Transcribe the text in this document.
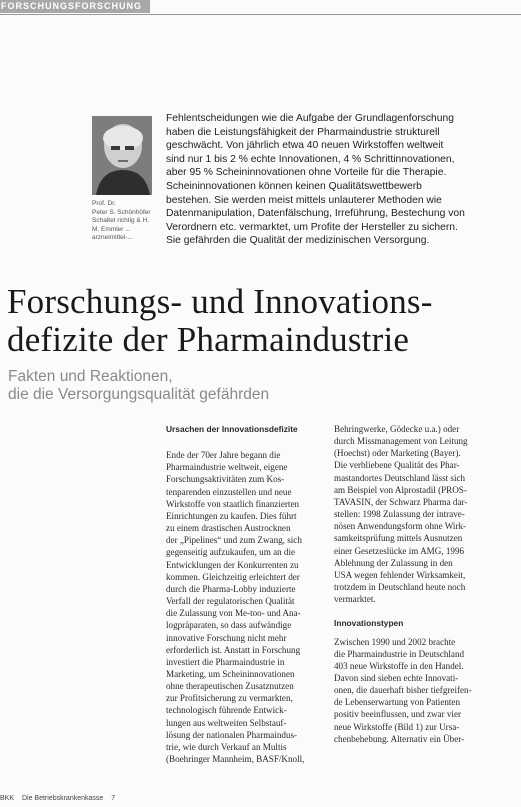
FORSCHUNGSFORSCHUNG
Prof. Dr.
Peter S. Schönhöfer
Schaltet richtig & H.
M. Emmler ...
arzneimittel-...
Fehlentscheidungen wie die Aufgabe der Grundlagenforschung
haben die Leistungsfähigkeit der Pharmaindustrie strukturell
geschwächt. Von jährlich etwa 40 neuen Wirkstoffen weltweit
sind nur 1 bis 2 % echte Innovationen, 4 % Schrittinnovationen,
aber 95 % Scheininnovationen ohne Vorteile für die Therapie.
Scheininnovationen können keinen Qualitätswettbewerb
bestehen. Sie werden meist mittels unlauterer Methoden wie
Datenmanipulation, Datenfälschung, Irreführung, Bestechung von
Verordnern etc. vermarktet, um Profite der Hersteller zu sichern.
Sie gefährden die Qualität der medizinischen Versorgung.
Forschungs- und Innovations-
defizite der Pharmaindustrie
Fakten und Reaktionen,
die die Versorgungsqualität gefährden
Ursachen der Innovationsdefizite
Ende der 70er Jahre begann die
Pharmaindustrie weltweit, eigene
Forschungsaktivitäten zum Kos-
tenparenden einzustellen und neue
Wirkstoffe von staatlich finanzierten
Einrichtungen zu kaufen. Dies führt
zu einem drastischen Austrocknen
der „Pipelines“ und zum Zwang, sich
gegenseitig aufzukaufen, um an die
Entwicklungen der Konkurrenten zu
kommen. Gleichzeitig erleichtert der
durch die Pharma-Lobby induzierte
Verfall der regulatorischen Qualität
die Zulassung von Me-too- und Ana-
logpräparaten, so dass aufwändige
innovative Forschung nicht mehr
erforderlich ist. Anstatt in Forschung
investiert die Pharmaindustrie in
Marketing, um Scheininnovationen
ohne therapeutischen Zusatznutzen
zur Profitsicherung zu vermarkten,
technologisch führende Entwick-
lungen aus weltweiten Selbstauf-
lösung der nationalen Pharmaindus-
trie, wie durch Verkauf an Multis
(Boehringer Mannheim, BASF/Knoll,
Behringwerke, Gödecke u.a.) oder
durch Missmanagement von Leitung
(Hoechst) oder Marketing (Bayer).
Die verbliebene Qualität des Phar-
mastandortes Deutschland lässt sich
am Beispiel von Alprostadil (PROS-
TAVASIN, der Schwarz Pharma dar-
stellen: 1998 Zulassung der intrave-
nösen Anwendungsform ohne Wirk-
samkeitsprüfung mittels Ausnutzen
einer Gesetzeslücke im AMG, 1996
Ablehnung der Zulassung in den
USA wegen fehlender Wirksamkeit,
trotzdem in Deutschland heute noch
vermarktet.
Innovationstypen
Zwischen 1990 und 2002 brachte
die Pharmaindustrie in Deutschland
403 neue Wirkstoffe in den Handel.
Davon sind sieben echte Innovati-
onen, die dauerhaft bisher tiefgreifen-
de Lebenserwartung von Patienten
positiv beeinflussen, und zwar vier
neue Wirkstoffe (Bild 1) zur Ursa-
chenbehebung. Alternativ ein Über-
BKK Die Betriebskrankenkasse 7
